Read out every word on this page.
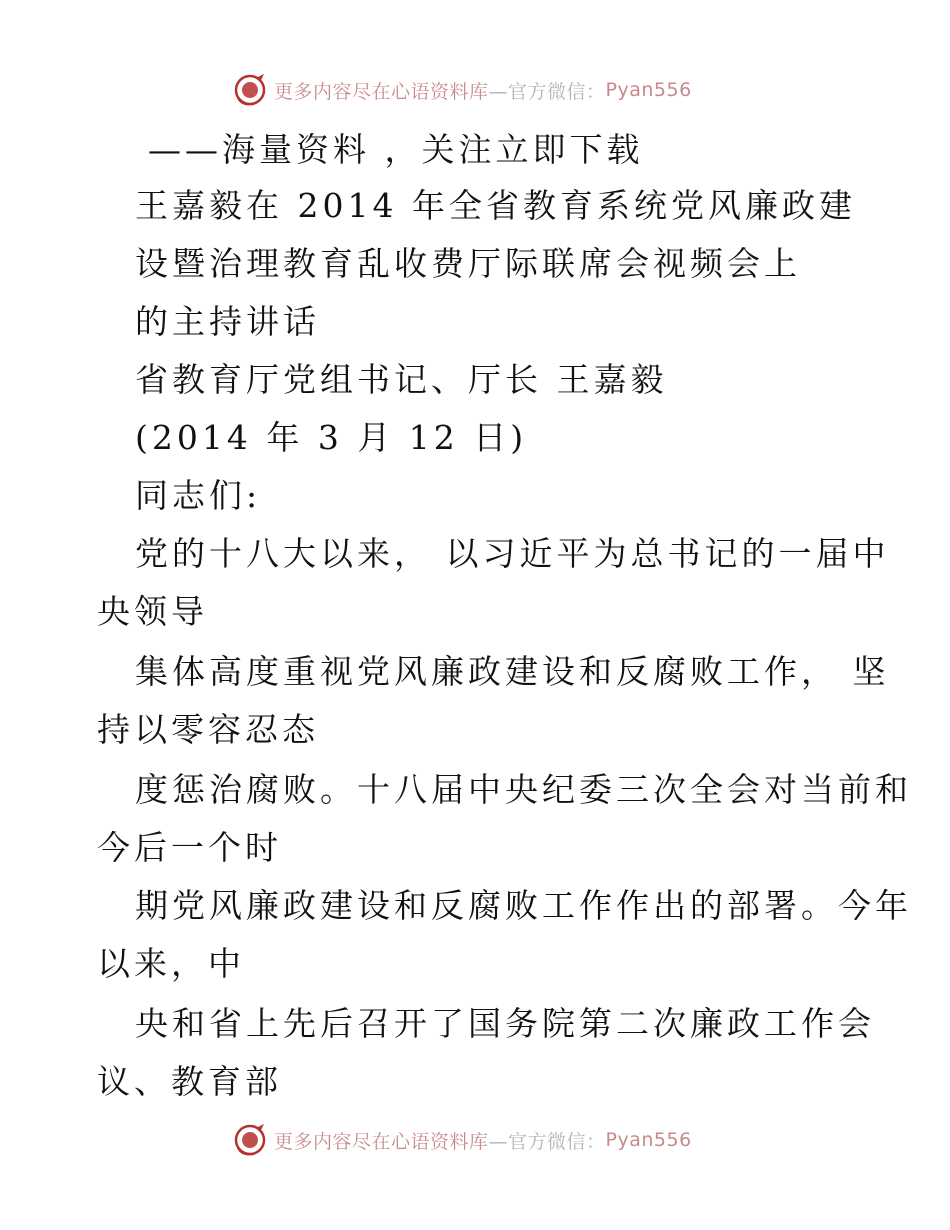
更多内容尽在心语资料库 —官方微信： Pyan556
——海量资料 ，关注立即下载
王嘉毅在 2014 年全省教育系统党风廉政建
设暨治理教育乱收费厅际联席会视频会上
的主持讲话
省教育厅党组书记、厅长 王嘉毅
(2014 年 3 月 12 日)
同志们:
党的十八大以来， 以习近平为总书记的一届中
央领导
集体高度重视党风廉政建设和反腐败工作， 坚
持以零容忍态
度惩治腐败。十八届中央纪委三次全会对当前和
今后一个时
期党风廉政建设和反腐败工作作出的部署。今年
以来，中
央和省上先后召开了国务院第二次廉政工作会
议、教育部
更多内容尽在心语资料库 —官方微信： Pyan556
